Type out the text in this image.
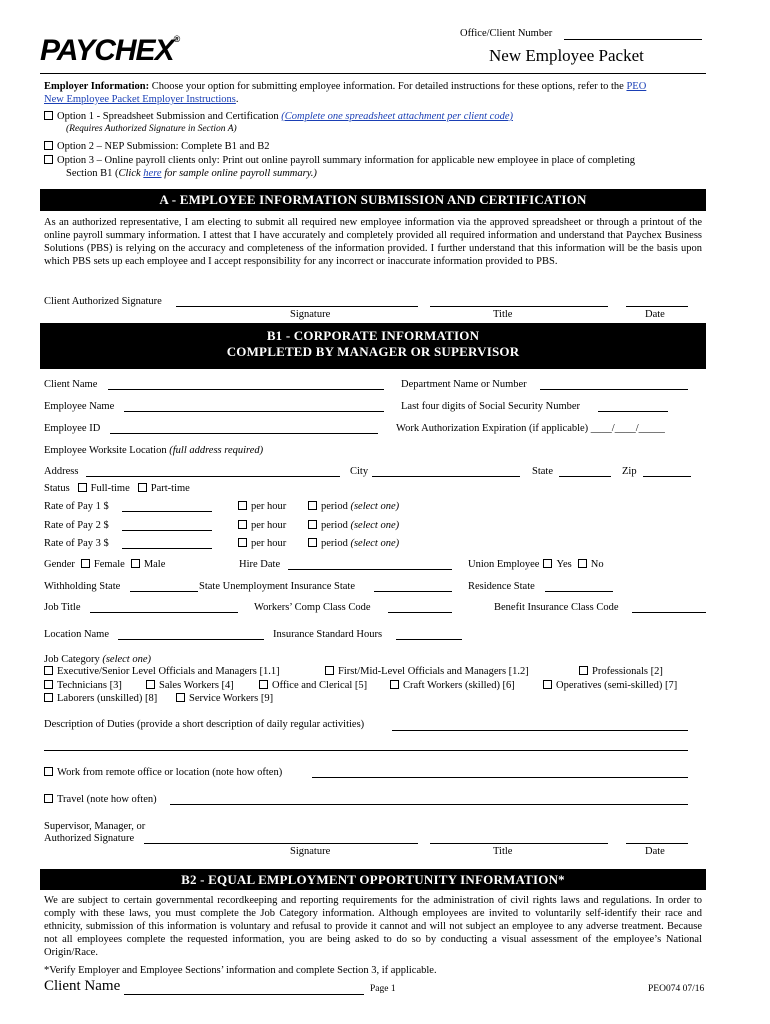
Office/Client Number
PAYCHEX®
New Employee Packet
Employer Information: Choose your option for submitting employee information. For detailed instructions for these options, refer to the PEO
New Employee Packet Employer Instructions.
Option 1 - Spreadsheet Submission and Certification (Complete one spreadsheet attachment per client code)
(Requires Authorized Signature in Section A)
Option 2 – NEP Submission: Complete B1 and B2
Option 3 – Online payroll clients only: Print out online payroll summary information for applicable new employee in place of completing
Section B1 (Click here for sample online payroll summary.)
A - EMPLOYEE INFORMATION SUBMISSION AND CERTIFICATION
As an authorized representative, I am electing to submit all required new employee information via the approved spreadsheet or through a printout of the online payroll summary information. I attest that I have accurately and completely provided all required information and understand that Paychex Business Solutions (PBS) is relying on the accuracy and completeness of the information provided. I further understand that this information will be the basis upon which PBS sets up each employee and I accept responsibility for any incorrect or inaccurate information provided to PBS.
Client Authorized Signature
Signature	Title	Date
B1 - CORPORATE INFORMATION
COMPLETED BY MANAGER OR SUPERVISOR
Client Name	Department Name or Number
Employee Name	Last four digits of Social Security Number
Employee ID	Work Authorization Expiration (if applicable) ____/____/_____
Employee Worksite Location (full address required)
Address	City	State	Zip
Status Full-time Part-time
Rate of Pay 1 $	per hour	period (select one)
Rate of Pay 2 $	per hour	period (select one)
Rate of Pay 3 $	per hour	period (select one)
Gender Female Male	Hire Date	Union Employee Yes No
Withholding State	State Unemployment Insurance State	Residence State
Job Title	Workers’ Comp Class Code	Benefit Insurance Class Code
Location Name	Insurance Standard Hours
Job Category (select one)
Executive/Senior Level Officials and Managers [1.1]	First/Mid-Level Officials and Managers [1.2]	Professionals [2]
Technicians [3]	Sales Workers [4]	Office and Clerical [5]	Craft Workers (skilled) [6]	Operatives (semi-skilled) [7]
Laborers (unskilled) [8]	Service Workers [9]
Description of Duties (provide a short description of daily regular activities)
Work from remote office or location (note how often)
Travel (note how often)
Supervisor, Manager, or
Authorized Signature
Signature	Title	Date
B2 - EQUAL EMPLOYMENT OPPORTUNITY INFORMATION*
We are subject to certain governmental recordkeeping and reporting requirements for the administration of civil rights laws and regulations. In order to comply with these laws, you must complete the Job Category information. Although employees are invited to voluntarily self-identify their race and ethnicity, submission of this information is voluntary and refusal to provide it cannot and will not subject an employee to any adverse treatment. Because not all employees complete the requested information, you are being asked to do so by conducting a visual assessment of the employee’s National Origin/Race.
*Verify Employer and Employee Sections’ information and complete Section 3, if applicable.
Client Name	Page 1	PEO074 07/16
